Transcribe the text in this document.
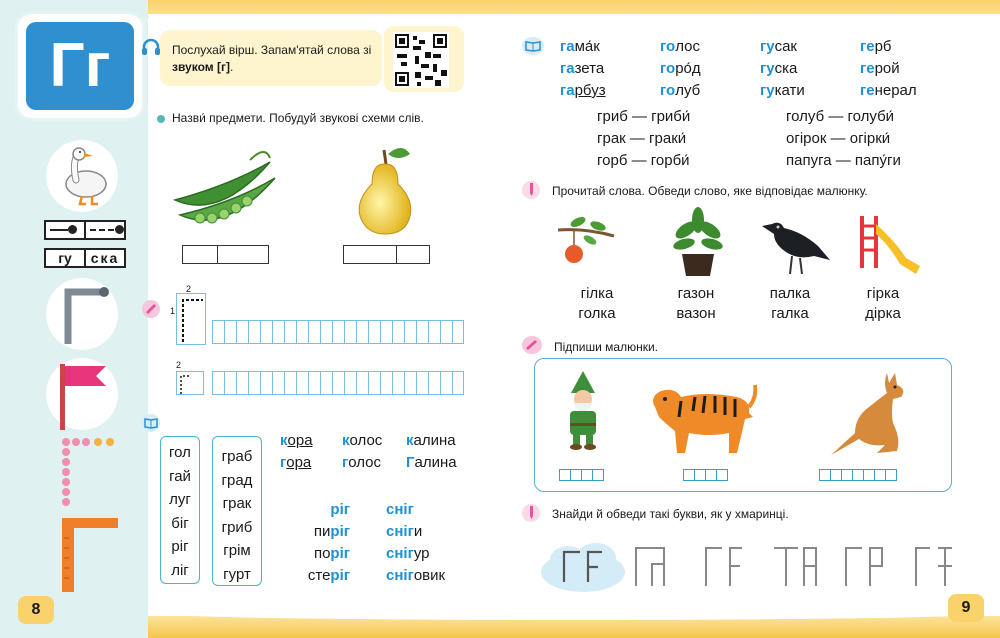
Гг
гу	ска
8
Послухай вірш. Запам'ятай слова зі
звуком [г].
Назви́ предмети. Побудуй звукові схеми слів.
2
1
2
гол
гай
луг
біг
ріг
ліг
граб
град
грак
гриб
грім
гурт
кора колос калина
гора голос Галина
ріг
пиріг
поріг
стеріг
сніг
сніги
снігур
сніговик
гама́к
газета
гарбуз
голос
горо́д
голуб
гусак
гуска
гукати
герб
герой
генерал
гриб — гриби́
грак — граки́
горб — горби́
голуб — голуби́
огірок — огірки́
папуга — папу́ги
Прочитай слова. Обведи слово, яке відповідає малюнку.
гілка
голка
газон
вазон
палка
галка
гірка
дірка
Підпиши малюнки.
Знайди й обведи такі букви, як у хмаринці.
9
